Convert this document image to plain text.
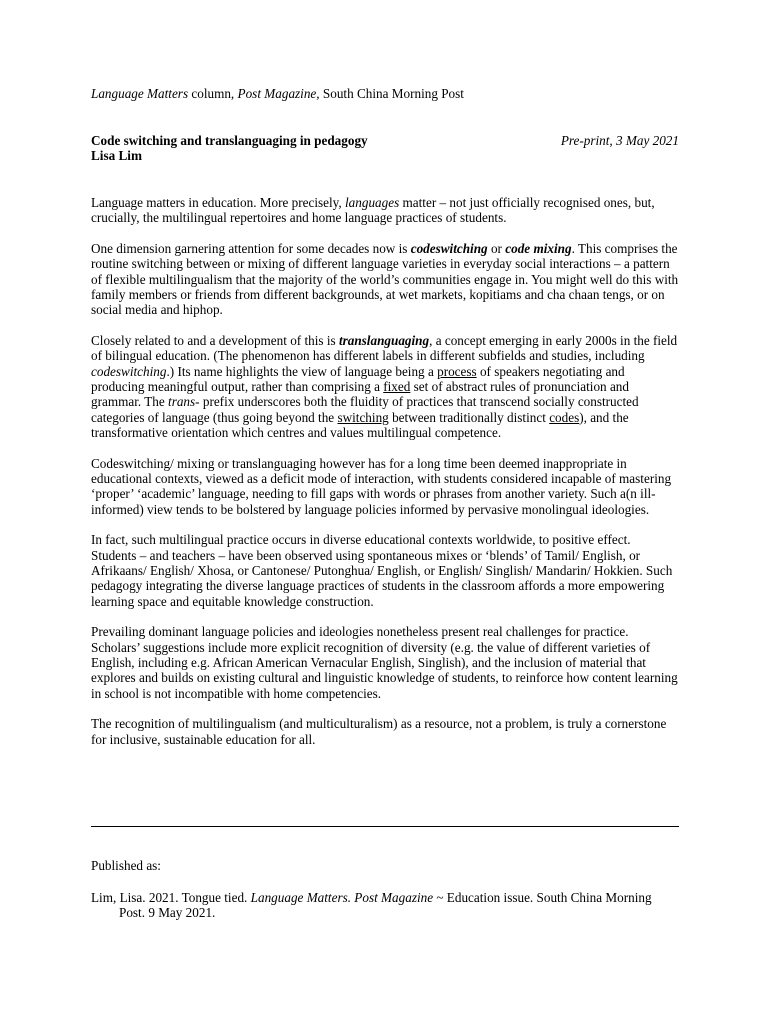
Language Matters column, Post Magazine, South China Morning Post
Code switching and translanguaging in pedagogy	Pre-print, 3 May 2021
Lisa Lim

Language matters in education. More precisely, languages matter – not just officially recognised ones, but, crucially, the multilingual repertoires and home language practices of students.

One dimension garnering attention for some decades now is codeswitching or code mixing. This comprises the routine switching between or mixing of different language varieties in everyday social interactions – a pattern of flexible multilingualism that the majority of the world’s communities engage in. You might well do this with family members or friends from different backgrounds, at wet markets, kopitiams and cha chaan tengs, or on social media and hiphop.

Closely related to and a development of this is translanguaging, a concept emerging in early 2000s in the field of bilingual education. (The phenomenon has different labels in different subfields and studies, including codeswitching.) Its name highlights the view of language being a process of speakers negotiating and producing meaningful output, rather than comprising a fixed set of abstract rules of pronunciation and grammar. The trans- prefix underscores both the fluidity of practices that transcend socially constructed categories of language (thus going beyond the switching between traditionally distinct codes), and the transformative orientation which centres and values multilingual competence.

Codeswitching/ mixing or translanguaging however has for a long time been deemed inappropriate in educational contexts, viewed as a deficit mode of interaction, with students considered incapable of mastering ‘proper’ ‘academic’ language, needing to fill gaps with words or phrases from another variety. Such a(n ill-informed) view tends to be bolstered by language policies informed by pervasive monolingual ideologies.

In fact, such multilingual practice occurs in diverse educational contexts worldwide, to positive effect. Students – and teachers – have been observed using spontaneous mixes or ‘blends’ of Tamil/ English, or Afrikaans/ English/ Xhosa, or Cantonese/ Putonghua/ English, or English/ Singlish/ Mandarin/ Hokkien. Such pedagogy integrating the diverse language practices of students in the classroom affords a more empowering learning space and equitable knowledge construction.

Prevailing dominant language policies and ideologies nonetheless present real challenges for practice. Scholars’ suggestions include more explicit recognition of diversity (e.g. the value of different varieties of English, including e.g. African American Vernacular English, Singlish), and the inclusion of material that explores and builds on existing cultural and linguistic knowledge of students, to reinforce how content learning in school is not incompatible with home competencies.

The recognition of multilingualism (and multiculturalism) as a resource, not a problem, is truly a cornerstone for inclusive, sustainable education for all.

Published as:

Lim, Lisa. 2021. Tongue tied. Language Matters. Post Magazine ~ Education issue. South China Morning Post. 9 May 2021.
